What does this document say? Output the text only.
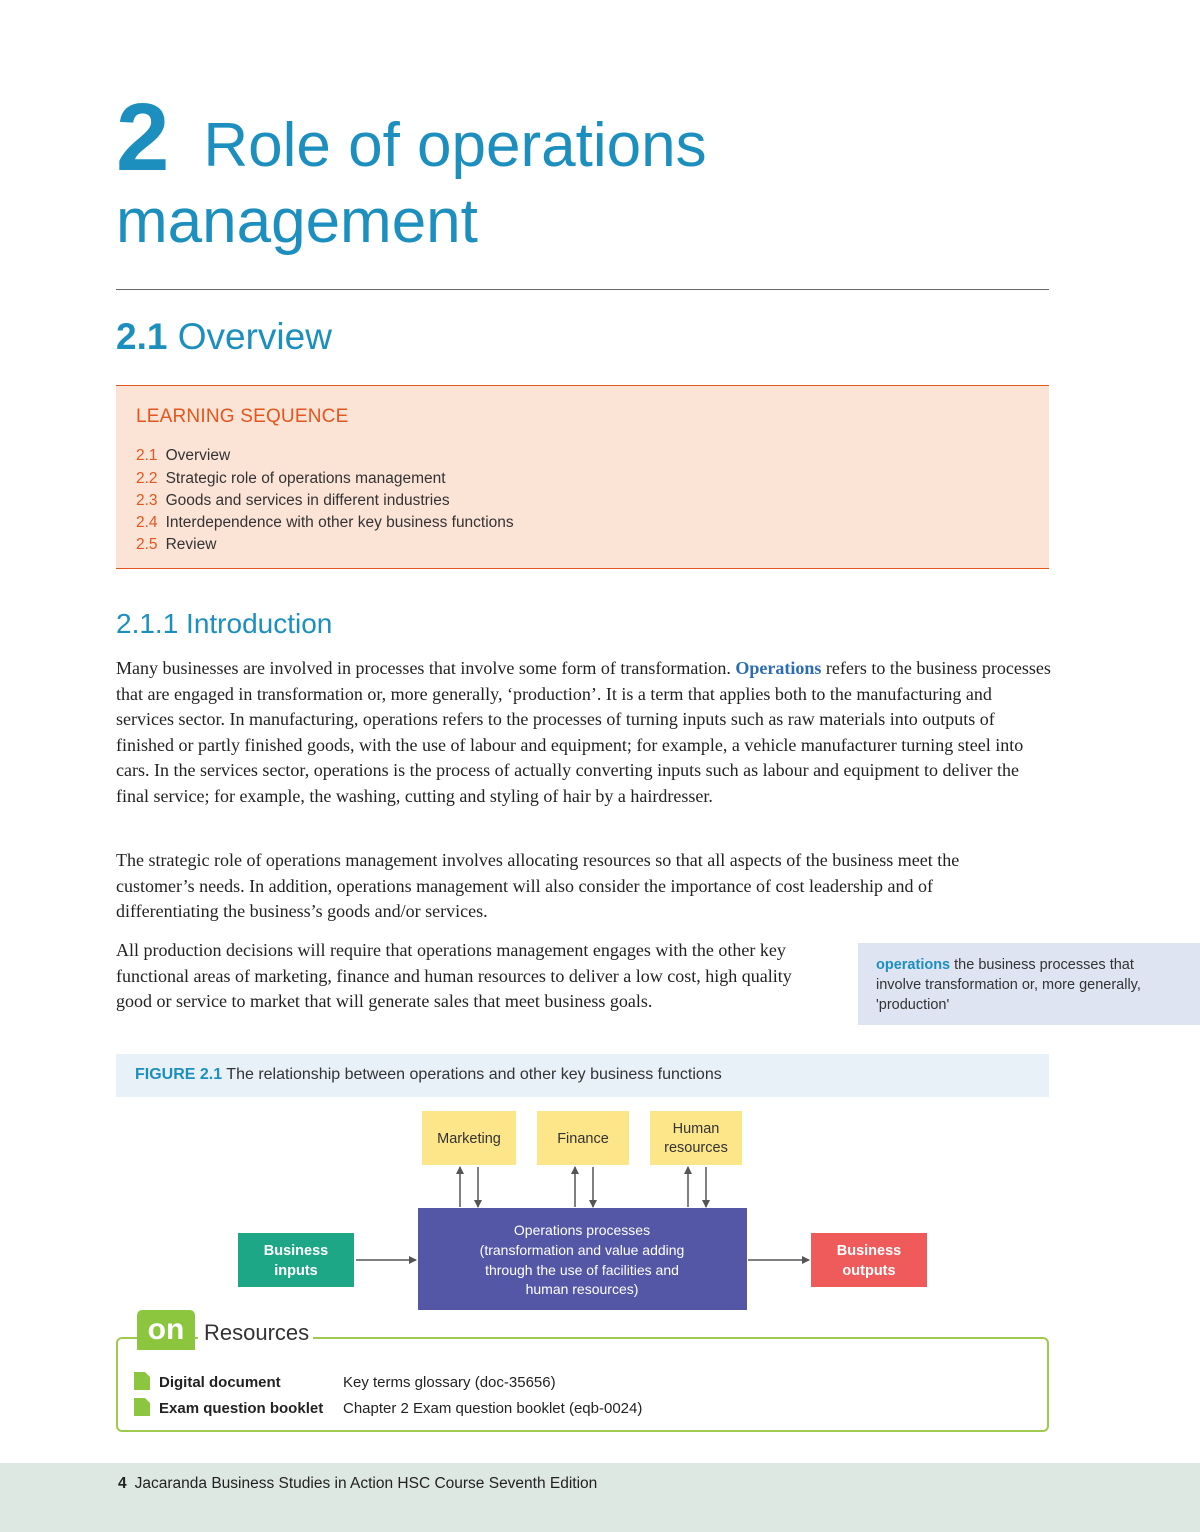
2 Role of operations management
2.1 Overview
LEARNING SEQUENCE
2.1 Overview
2.2 Strategic role of operations management
2.3 Goods and services in different industries
2.4 Interdependence with other key business functions
2.5 Review
2.1.1 Introduction

Many businesses are involved in processes that involve some form of transformation. Operations refers to the business processes that are engaged in transformation or, more generally, ‘production’. It is a term that applies both to the manufacturing and services sector. In manufacturing, operations refers to the processes of turning inputs such as raw materials into outputs of finished or partly finished goods, with the use of labour and equipment; for example, a vehicle manufacturer turning steel into cars. In the services sector, operations is the process of actually converting inputs such as labour and equipment to deliver the final service; for example, the washing, cutting and styling of hair by a hairdresser.

The strategic role of operations management involves allocating resources so that all aspects of the business meet the customer’s needs. In addition, operations management will also consider the importance of cost leadership and of differentiating the business’s goods and/or services.

All production decisions will require that operations management engages with the other key functional areas of marketing, finance and human resources to deliver a low cost, high quality good or service to market that will generate sales that meet business goals.

operations the business processes that involve transformation or, more generally, 'production'
FIGURE 2.1 The relationship between operations and other key business functions
Marketing	Finance
Human
resources
Business
inputs
Operations processes
(transformation and value adding
through the use of facilities and
human resources)
Business
outputs
on Resources
Digital document	Key terms glossary (doc-35656)
Exam question booklet Chapter 2 Exam question booklet (eqb-0024)
4 Jacaranda Business Studies in Action HSC Course Seventh Edition
